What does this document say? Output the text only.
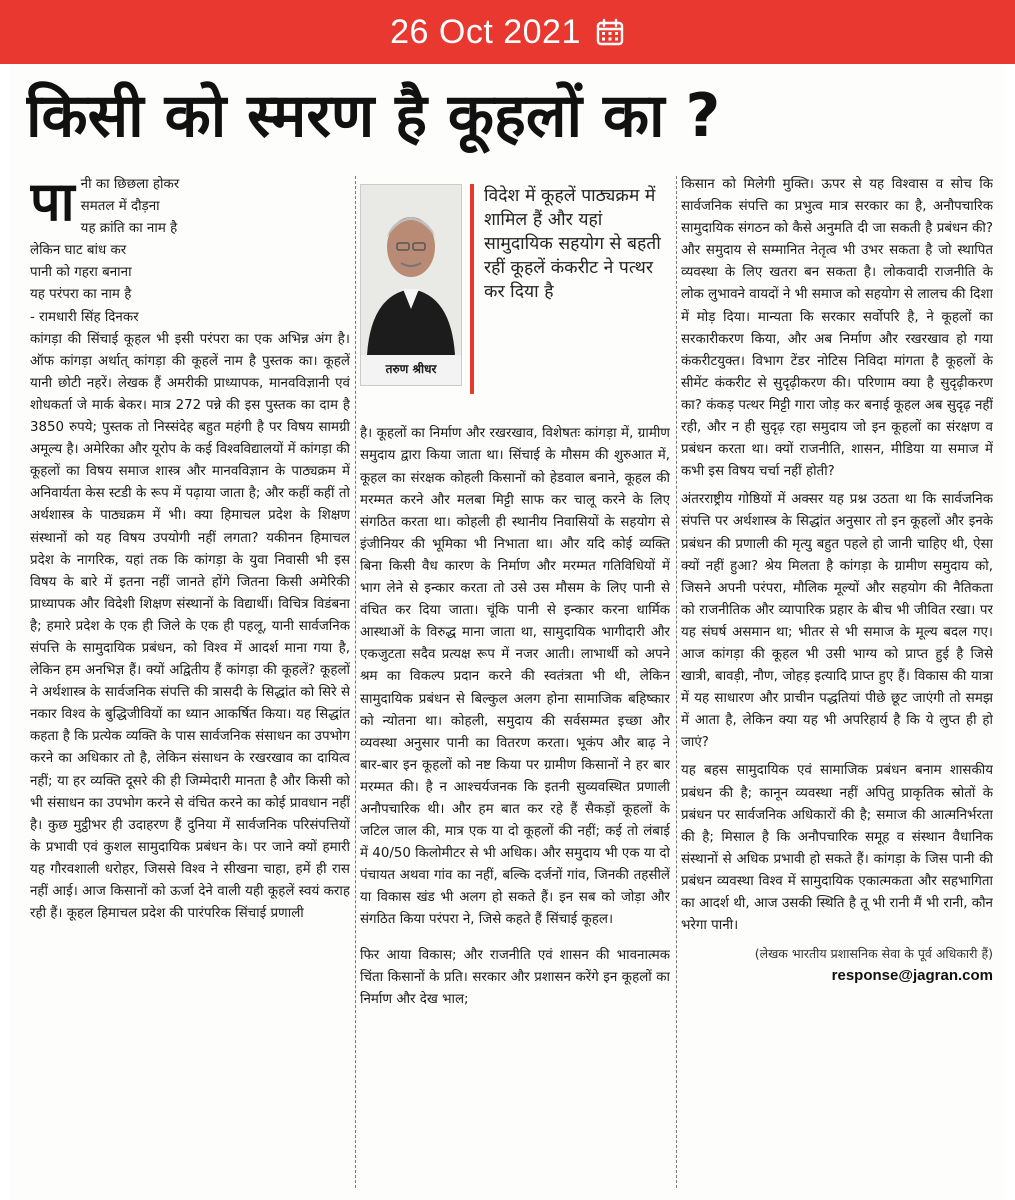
26 Oct 2021
किसी को स्मरण है कूहलों का ?
पा नी का छिछला होकर
समतल में दौड़ना
यह क्रांति का नाम है
लेकिन घाट बांध कर
पानी को गहरा बनाना
यह परंपरा का नाम है
- रामधारी सिंह दिनकर

कांगड़ा की सिंचाई कूहल भी इसी परंपरा का एक अभिन्न अंग है। ऑफ कांगड़ा अर्थात् कांगड़ा की कूहलें नाम है पुस्तक का। कूहलें यानी छोटी नहरें। लेखक हैं अमरीकी प्राध्यापक, मानवविज्ञानी एवं शोधकर्ता जे मार्क बेकर। मात्र 272 पन्ने की इस पुस्तक का दाम है 3850 रुपये; पुस्तक तो निस्संदेह बहुत महंगी है पर विषय सामग्री अमूल्य है। अमेरिका और यूरोप के कई विश्वविद्यालयों में कांगड़ा की कूहलों का विषय समाज शास्त्र और मानवविज्ञान के पाठ्यक्रम में अनिवार्यता केस स्टडी के रूप में पढ़ाया जाता है; और कहीं कहीं तो अर्थशास्त्र के पाठ्यक्रम में भी। क्या हिमाचल प्रदेश के शिक्षण संस्थानों को यह विषय उपयोगी नहीं लगता? यकीनन हिमाचल प्रदेश के नागरिक, यहां तक कि कांगड़ा के युवा निवासी भी इस विषय के बारे में इतना नहीं जानते होंगे जितना किसी अमेरिकी प्राध्यापक और विदेशी शिक्षण संस्थानों के विद्यार्थी। विचित्र विडंबना है; हमारे प्रदेश के एक ही जिले के एक ही पहलू, यानी सार्वजनिक संपत्ति के सामुदायिक प्रबंधन, को विश्व में आदर्श माना गया है, लेकिन हम अनभिज्ञ हैं। क्यों अद्वितीय हैं कांगड़ा की कूहलें? कूहलों ने अर्थशास्त्र के सार्वजनिक संपत्ति की त्रासदी के सिद्धांत को सिरे से नकार विश्व के बुद्धिजीवियों का ध्यान आकर्षित किया। यह सिद्धांत कहता है कि प्रत्येक व्यक्ति के पास सार्वजनिक संसाधन का उपभोग करने का अधिकार तो है, लेकिन संसाधन के रखरखाव का दायित्व नहीं; या हर व्यक्ति दूसरे की ही जिम्मेदारी मानता है और किसी को भी संसाधन का उपभोग करने से वंचित करने का कोई प्रावधान नहीं है। कुछ मुट्ठीभर ही उदाहरण हैं दुनिया में सार्वजनिक परिसंपत्तियों के प्रभावी एवं कुशल सामुदायिक प्रबंधन के। पर जाने क्यों हमारी यह गौरवशाली धरोहर, जिससे विश्व ने सीखना चाहा, हमें ही रास नहीं आई। आज किसानों को ऊर्जा देने वाली यही कूहलें स्वयं कराह रही हैं। कूहल हिमाचल प्रदेश की पारंपरिक सिंचाई प्रणाली

तरुण श्रीधर
विदेश में कूहलें पाठ्यक्रम में शामिल हैं और यहां सामुदायिक सहयोग से बहती रहीं कूहलें कंकरीट ने पत्थर कर दिया है

है। कूहलों का निर्माण और रखरखाव, विशेषतः कांगड़ा में, ग्रामीण समुदाय द्वारा किया जाता था। सिंचाई के मौसम की शुरुआत में, कूहल का संरक्षक कोहली किसानों को हेडवाल बनाने, कूहल की मरम्मत करने और मलबा मिट्टी साफ कर चालू करने के लिए संगठित करता था। कोहली ही स्थानीय निवासियों के सहयोग से इंजीनियर की भूमिका भी निभाता था। और यदि कोई व्यक्ति बिना किसी वैध कारण के निर्माण और मरम्मत गतिविधियों में भाग लेने से इन्कार करता तो उसे उस मौसम के लिए पानी से वंचित कर दिया जाता। चूंकि पानी से इन्कार करना धार्मिक आस्थाओं के विरुद्ध माना जाता था, सामुदायिक भागीदारी और एकजुटता सदैव प्रत्यक्ष रूप में नजर आती। लाभार्थी को अपने श्रम का विकल्प प्रदान करने की स्वतंत्रता भी थी, लेकिन सामुदायिक प्रबंधन से बिल्कुल अलग होना सामाजिक बहिष्कार को न्योतना था। कोहली, समुदाय की सर्वसम्मत इच्छा और व्यवस्था अनुसार पानी का वितरण करता। भूकंप और बाढ़ ने बार-बार इन कूहलों को नष्ट किया पर ग्रामीण किसानों ने हर बार मरम्मत की। है न आश्चर्यजनक कि इतनी सुव्यवस्थित प्रणाली अनौपचारिक थी। और हम बात कर रहे हैं सैकड़ों कूहलों के जटिल जाल की, मात्र एक या दो कूहलों की नहीं; कई तो लंबाई में 40/50 किलोमीटर से भी अधिक। और समुदाय भी एक या दो पंचायत अथवा गांव का नहीं, बल्कि दर्जनों गांव, जिनकी तहसीलें या विकास खंड भी अलग हो सकते हैं। इन सब को जोड़ा और संगठित किया परंपरा ने, जिसे कहते हैं सिंचाई कूहल।

फिर आया विकास; और राजनीति एवं शासन की भावनात्मक चिंता किसानों के प्रति। सरकार और प्रशासन करेंगे इन कूहलों का निर्माण और देख भाल;

किसान को मिलेगी मुक्ति। ऊपर से यह विश्वास व सोच कि सार्वजनिक संपत्ति का प्रभुत्व मात्र सरकार का है, अनौपचारिक सामुदायिक संगठन को कैसे अनुमति दी जा सकती है प्रबंधन की? और समुदाय से सम्मानित नेतृत्व भी उभर सकता है जो स्थापित व्यवस्था के लिए खतरा बन सकता है। लोकवादी राजनीति के लोक लुभावने वायदों ने भी समाज को सहयोग से लालच की दिशा में मोड़ दिया। मान्यता कि सरकार सर्वोपरि है, ने कूहलों का सरकारीकरण किया, और अब निर्माण और रखरखाव हो गया कंकरीटयुक्त। विभाग टेंडर नोटिस निविदा मांगता है कूहलों के सीमेंट कंकरीट से सुदृढ़ीकरण की। परिणाम क्या है सुदृढ़ीकरण का? कंकड़ पत्थर मिट्टी गारा जोड़ कर बनाई कूहल अब सुदृढ़ नहीं रही, और न ही सुदृढ़ रहा समुदाय जो इन कूहलों का संरक्षण व प्रबंधन करता था। क्यों राजनीति, शासन, मीडिया या समाज में कभी इस विषय चर्चा नहीं होती?

अंतरराष्ट्रीय गोष्ठियों में अक्सर यह प्रश्न उठता था कि सार्वजनिक संपत्ति पर अर्थशास्त्र के सिद्धांत अनुसार तो इन कूहलों और इनके प्रबंधन की प्रणाली की मृत्यु बहुत पहले हो जानी चाहिए थी, ऐसा क्यों नहीं हुआ? श्रेय मिलता है कांगड़ा के ग्रामीण समुदाय को, जिसने अपनी परंपरा, मौलिक मूल्यों और सहयोग की नैतिकता को राजनीतिक और व्यापारिक प्रहार के बीच भी जीवित रखा। पर यह संघर्ष असमान था; भीतर से भी समाज के मूल्य बदल गए। आज कांगड़ा की कूहल भी उसी भाग्य को प्राप्त हुई है जिसे खात्री, बावड़ी, नौण, जोहड़ इत्यादि प्राप्त हुए हैं। विकास की यात्रा में यह साधारण और प्राचीन पद्धतियां पीछे छूट जाएंगी तो समझ में आता है, लेकिन क्या यह भी अपरिहार्य है कि ये लुप्त ही हो जाएं?

यह बहस सामुदायिक एवं सामाजिक प्रबंधन बनाम शासकीय प्रबंधन की है; कानून व्यवस्था नहीं अपितु प्राकृतिक स्रोतों के प्रबंधन पर सार्वजनिक अधिकारों की है; समाज की आत्मनिर्भरता की है; मिसाल है कि अनौपचारिक समूह व संस्थान वैधानिक संस्थानों से अधिक प्रभावी हो सकते हैं। कांगड़ा के जिस पानी की प्रबंधन व्यवस्था विश्व में सामुदायिक एकात्मकता और सहभागिता का आदर्श थी, आज उसकी स्थिति है तू भी रानी मैं भी रानी, कौन भरेगा पानी।

(लेखक भारतीय प्रशासनिक सेवा के पूर्व अधिकारी हैं)

response@jagran.com
